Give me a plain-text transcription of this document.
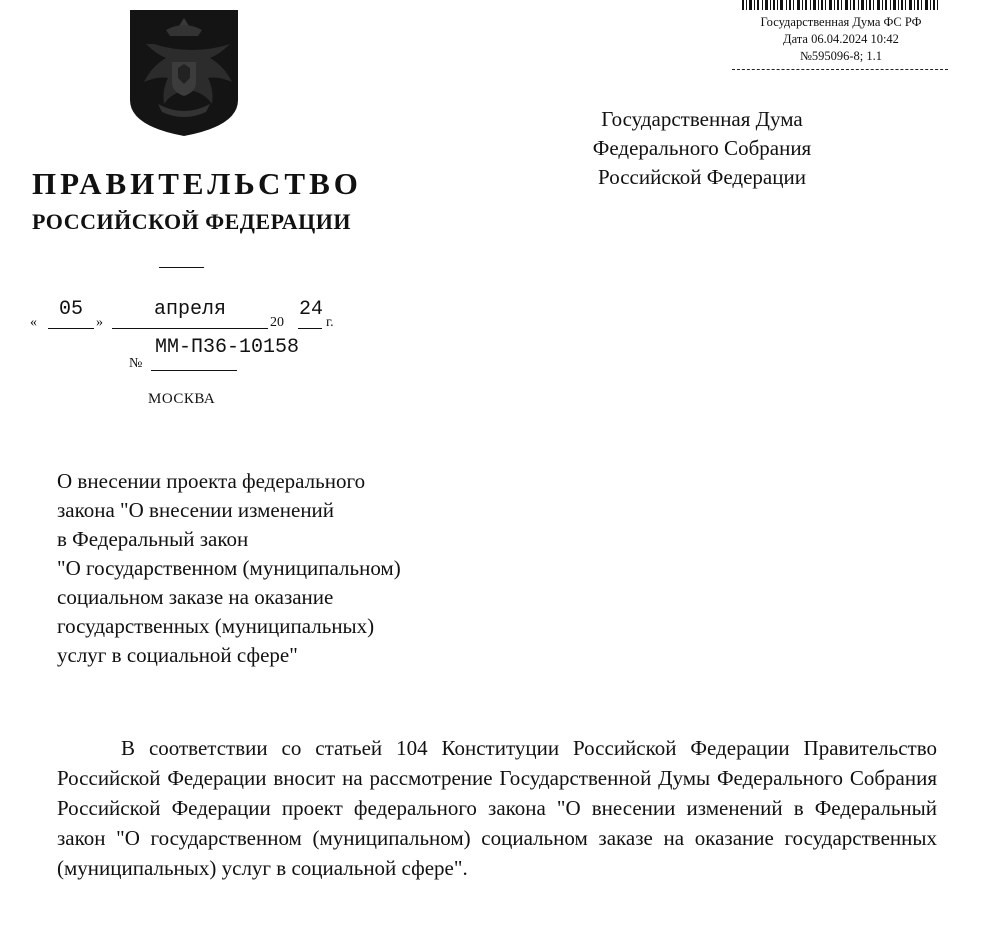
ПРАВИТЕЛЬСТВО
РОССИЙСКОЙ ФЕДЕРАЦИИ
«
05
»
апреля
20
24
г.
№
ММ-П36-10158
МОСКВА
Государственная Дума ФС РФ
Дата 06.04.2024 10:42
№595096-8; 1.1
Государственная Дума
Федерального Собрания
Российской Федерации
О внесении проекта федерального
закона "О внесении изменений
в Федеральный закон
"О государственном (муниципальном)
социальном заказе на оказание
государственных (муниципальных)
услуг в социальной сфере"

В соответствии со статьей 104 Конституции Российской Федерации Правительство Российской Федерации вносит на рассмотрение Государственной Думы Федерального Собрания Российской Федерации проект федерального закона "О внесении изменений в Федеральный закон "О государственном (муниципальном) социальном заказе на оказание государственных (муниципальных) услуг в социальной сфере".
